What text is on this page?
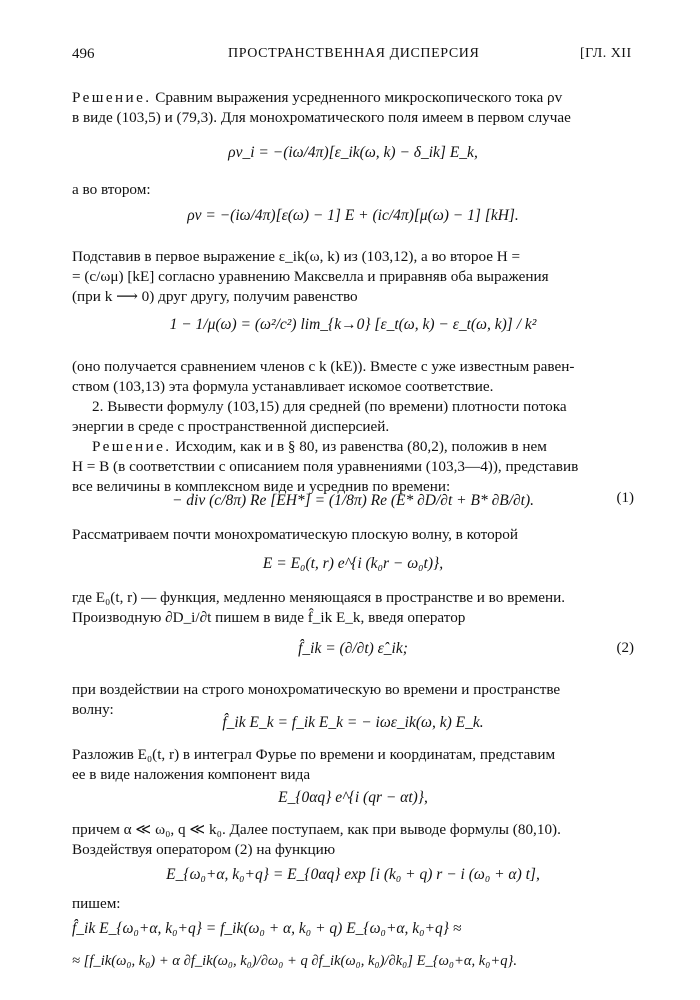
496	ПРОСТРАНСТВЕННАЯ ДИСПЕРСИЯ	[ГЛ. XII
Решение. Сравним выражения усредненного микроскопического тока ρv
в виде (103,5) и (79,3). Для монохроматического поля имеем в первом случае
ρv_i = −(iω/4π)[ε_ik(ω, k) − δ_ik] E_k,
а во втором:
ρv = −(iω/4π)[ε(ω) − 1] E + (ic/4π)[μ(ω) − 1] [kH].
Подставив в первое выражение ε_ik(ω, k) из (103,12), а во второе H =
= (c/ωμ) [kE] согласно уравнению Максвелла и приравняв оба выражения
(при k ⟶ 0) друг другу, получим равенство
1 − 1/μ(ω) = (ω²/c²) lim_{k→0} [ε_t(ω, k) − ε_t(ω, k)] / k²
(оно получается сравнением членов с k (kE)). Вместе с уже известным равен-
ством (103,13) эта формула устанавливает искомое соответствие.
2. Вывести формулу (103,15) для средней (по времени) плотности потока
энергии в среде с пространственной дисперсией.
Решение. Исходим, как и в § 80, из равенства (80,2), положив в нем
H = B (в соответствии с описанием поля уравнениями (103,3—4)), представив
все величины в комплексном виде и усреднив по времени:
− div (c/8π) Re [EH*] = (1/8π) Re (E* ∂D/∂t + B* ∂B/∂t).	(1)
Рассматриваем почти монохроматическую плоскую волну, в которой
E = E₀(t, r) e^{i (k₀r − ω₀t)},
где E₀(t, r) — функция, медленно меняющаяся в пространстве и во времени.
Производную ∂D_i/∂t пишем в виде f̂_ik E_k, введя оператор
f̂_ik = (∂/∂t) ε̂_ik;	(2)
при воздействии на строго монохроматическую во времени и пространстве
волну:
f̂_ik E_k = f_ik E_k = − iωε_ik(ω, k) E_k.
Разложив E₀(t, r) в интеграл Фурье по времени и координатам, представим
ее в виде наложения компонент вида
E_{0αq} e^{i (qr − αt)},
причем α ≪ ω₀, q ≪ k₀. Далее поступаем, как при выводе формулы (80,10).
Воздействуя оператором (2) на функцию
E_{ω₀+α, k₀+q} = E_{0αq} exp [i (k₀ + q) r − i (ω₀ + α) t],
пишем:
f̂_ik E_{ω₀+α, k₀+q} = f_ik(ω₀ + α, k₀ + q) E_{ω₀+α, k₀+q} ≈
≈ [f_ik(ω₀, k₀) + α ∂f_ik(ω₀, k₀)/∂ω₀ + q ∂f_ik(ω₀, k₀)/∂k₀] E_{ω₀+α, k₀+q}.
